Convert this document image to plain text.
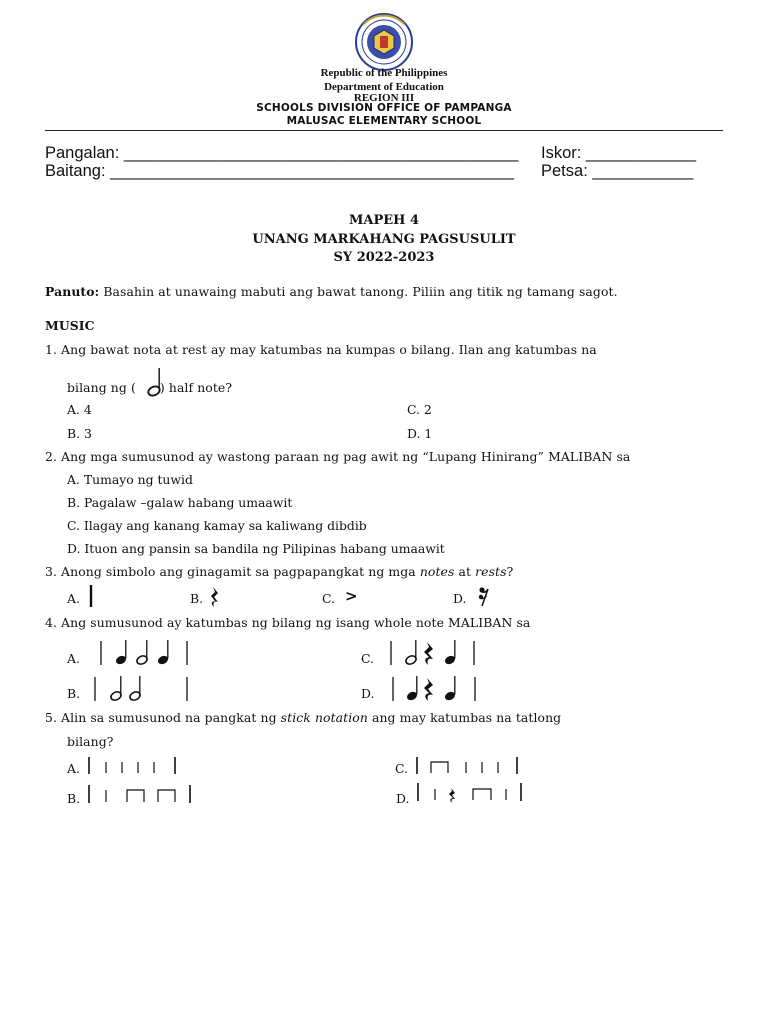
Republic of the Philippines
Department of Education
REGION III
SCHOOLS DIVISION OFFICE OF PAMPANGA
MALUSAC ELEMENTARY SCHOOL
Pangalan: ___________________________________________
Baitang: ____________________________________________
Iskor: ____________
Petsa: ___________
MAPEH 4
UNANG MARKAHANG PAGSUSULIT
SY 2022-2023
Panuto: Basahin at unawaing mabuti ang bawat tanong. Piliin ang titik ng tamang sagot.
MUSIC
1. Ang bawat nota at rest ay may katumbas na kumpas o bilang. Ilan ang katumbas na
bilang ng ( ) half note?
A. 4
B. 3
C. 2
D. 1
2. Ang mga sumusunod ay wastong paraan ng pag awit ng “Lupang Hinirang” MALIBAN sa
A. Tumayo ng tuwid
B. Pagalaw –galaw habang umaawit
C. Ilagay ang kanang kamay sa kaliwang dibdib
D. Ituon ang pansin sa bandila ng Pilipinas habang umaawit
3. Anong simbolo ang ginagamit sa pagpapangkat ng mga notes at rests?
A.	B.	C. >	D.
4. Ang sumusunod ay katumbas ng bilang ng isang whole note MALIBAN sa
A.
B.
C.
D.
5. Alin sa sumusunod na pangkat ng stick notation ang may katumbas na tatlong
bilang?
A.
B.
C.
D.
